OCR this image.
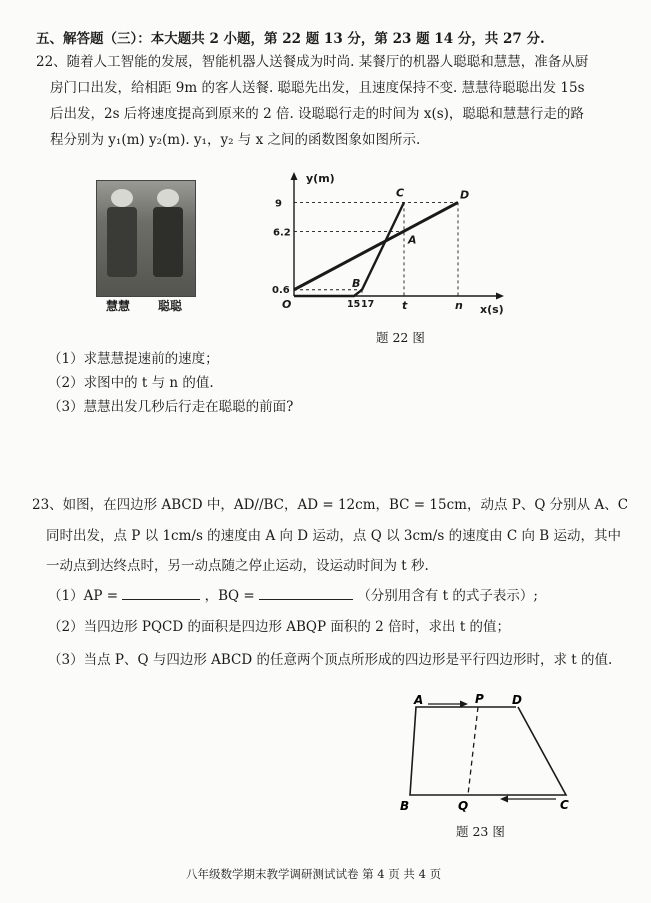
五、解答题（三）：本大题共 2 小题，第 22 题 13 分，第 23 题 14 分，共 27 分.
22、随着人工智能的发展，智能机器人送餐成为时尚. 某餐厅的机器人聪聪和慧慧，准备从厨
房门口出发，给相距 9m 的客人送餐. 聪聪先出发，且速度保持不变. 慧慧待聪聪出发 15s
后出发，2s 后将速度提高到原来的 2 倍. 设聪聪行走的时间为 x(s)，聪聪和慧慧行走的路
程分别为 y₁(m) y₂(m). y₁，y₂ 与 x 之间的函数图象如图所示.
慧慧 聪聪
y(m)
x(s)
O
9
6.2
0.6
15 17	t	n
B
C
A
D
题 22 图
（1）求慧慧提速前的速度；
（2）求图中的 t 与 n 的值.
（3）慧慧出发几秒后行走在聪聪的前面?
23、如图，在四边形 ABCD 中，AD//BC，AD = 12cm，BC = 15cm，动点 P、Q 分别从 A、C
同时出发，点 P 以 1cm/s 的速度由 A 向 D 运动，点 Q 以 3cm/s 的速度由 C 向 B 运动，其中
一动点到达终点时，另一动点随之停止运动，设运动时间为 t 秒.
（1）AP =	，BQ =	（分别用含有 t 的式子表示）;
（2）当四边形 PQCD 的面积是四边形 ABQP 面积的 2 倍时，求出 t 的值；
（3）当点 P、Q 与四边形 ABCD 的任意两个顶点所形成的四边形是平行四边形时，求 t 的值.
A	P D
B	Q	C
题 23 图
八年级数学期末教学调研测试试卷 第 4 页 共 4 页
